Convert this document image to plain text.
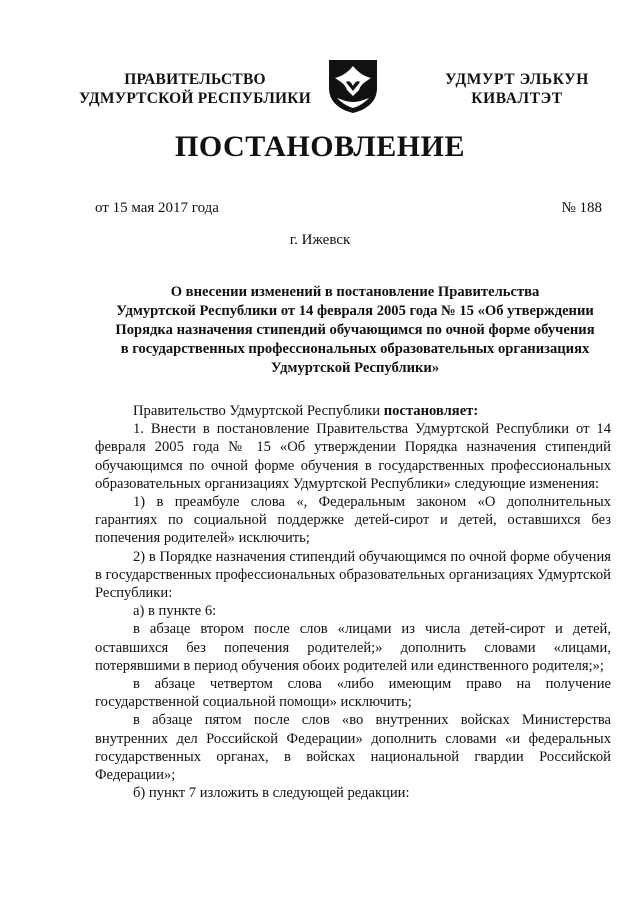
ПРАВИТЕЛЬСТВО
УДМУРТСКОЙ РЕСПУБЛИКИ
УДМУРТ ЭЛЬКУН
КИВАЛТЭТ
ПОСТАНОВЛЕНИЕ
от 15 мая 2017 года	№ 188
г. Ижевск
О внесении изменений в постановление Правительства
Удмуртской Республики от 14 февраля 2005 года № 15 «Об утверждении
Порядка назначения стипендий обучающимся по очной форме обучения
в государственных профессиональных образовательных организациях
Удмуртской Республики»

Правительство Удмуртской Республики постановляет:

1. Внести в постановление Правительства Удмуртской Республики от 14 февраля 2005 года № 15 «Об утверждении Порядка назначения стипендий обучающимся по очной форме обучения в государственных профессиональных образовательных организациях Удмуртской Республики» следующие изменения:

1) в преамбуле слова «, Федеральным законом «О дополнительных гарантиях по социальной поддержке детей-сирот и детей, оставшихся без попечения родителей» исключить;

2) в Порядке назначения стипендий обучающимся по очной форме обучения в государственных профессиональных образовательных организациях Удмуртской Республики:

а) в пункте 6:

в абзаце втором после слов «лицами из числа детей-сирот и детей, оставшихся без попечения родителей;» дополнить словами «лицами, потерявшими в период обучения обоих родителей или единственного родителя;»;

в абзаце четвертом слова «либо имеющим право на получение государственной социальной помощи» исключить;

в абзаце пятом после слов «во внутренних войсках Министерства внутренних дел Российской Федерации» дополнить словами «и федеральных государственных органах, в войсках национальной гвардии Российской Федерации»;

б) пункт 7 изложить в следующей редакции:
